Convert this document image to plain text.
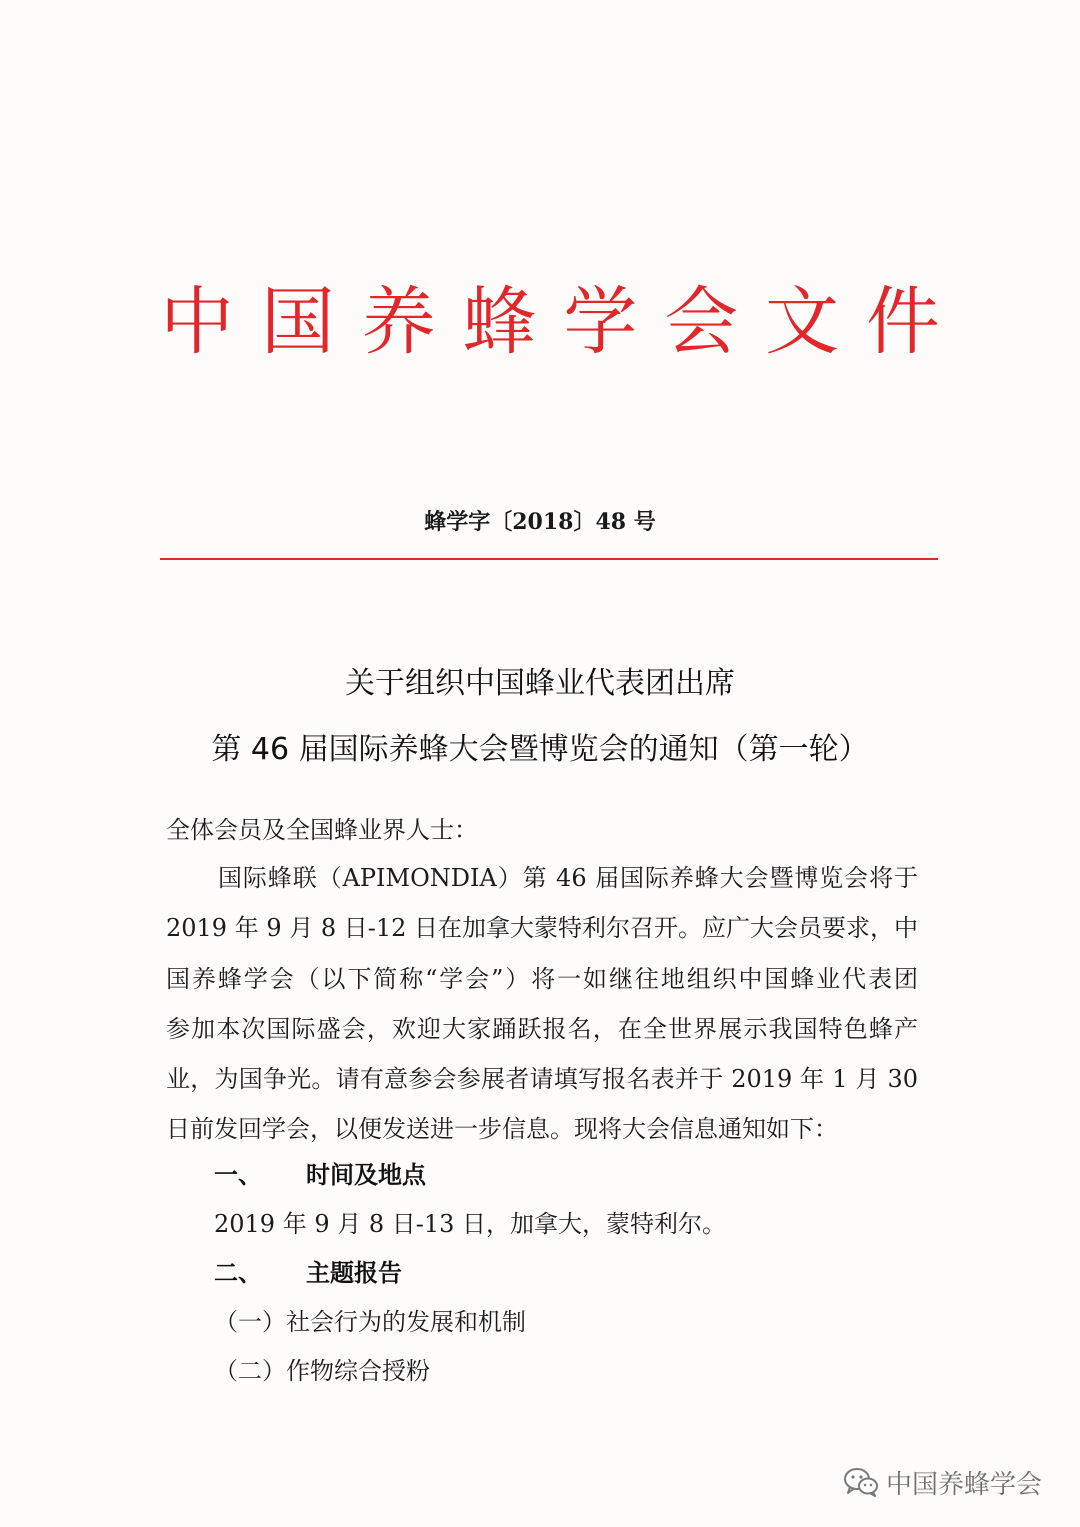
中 国 养 蜂 学 会 文 件
蜂学字〔2018〕48 号
关于组织中国蜂业代表团出席
第 46 届国际养蜂大会暨博览会的通知（第一轮）
全体会员及全国蜂业界人士：
国际蜂联（APIMONDIA）第 46 届国际养蜂大会暨博览会将于
2019 年 9 月 8 日-12 日在加拿大蒙特利尔召开。应广大会员要求，中
国养蜂学会（以下简称“学会”）将一如继往地组织中国蜂业代表团
参加本次国际盛会，欢迎大家踊跃报名，在全世界展示我国特色蜂产
业，为国争光。请有意参会参展者请填写报名表并于 2019 年 1 月 30
日前发回学会，以便发送进一步信息。现将大会信息通知如下：
一、 时间及地点
2019 年 9 月 8 日-13 日，加拿大，蒙特利尔。
二、 主题报告
（一）社会行为的发展和机制
（二）作物综合授粉
中国养蜂学会
